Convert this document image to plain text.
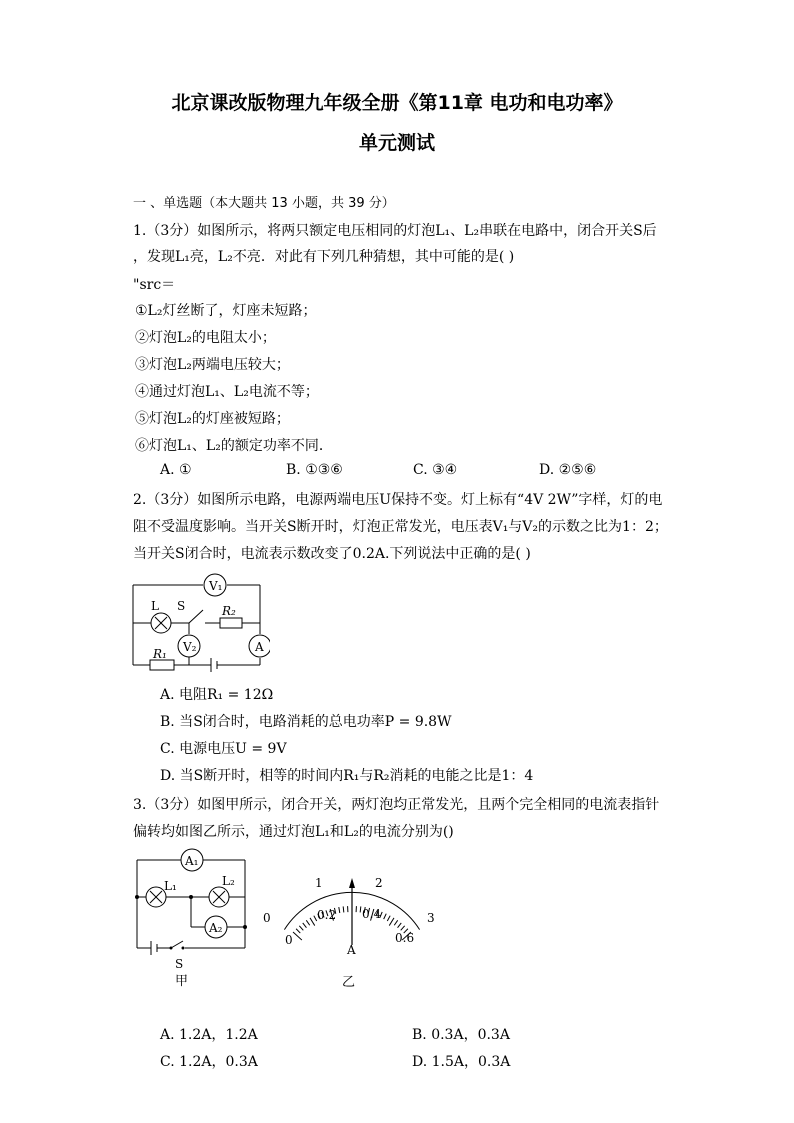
北京课改版物理九年级全册《第11章 电功和电功率》
单元测试
一 、单选题（本大题共 13 小题，共 39 分）
1.（3分）如图所示，将两只额定电压相同的灯泡L₁、L₂串联在电路中，闭合开关S后
，发现L₁亮，L₂不亮．对此有下列几种猜想，其中可能的是( )
"src＝
①L₂灯丝断了，灯座未短路；
②灯泡L₂的电阻太小；
③灯泡L₂两端电压较大；
④通过灯泡L₁、L₂电流不等；
⑤灯泡L₂的灯座被短路；
⑥灯泡L₁、L₂的额定功率不同．
A. ①	B. ①③⑥	C. ③④	D. ②⑤⑥
2.（3分）如图所示电路，电源两端电压U保持不变。灯上标有“4V 2W”字样，灯的电
阻不受温度影响。当开关S断开时，灯泡正常发光，电压表V₁与V₂的示数之比为1：2；
当开关S闭合时，电流表示数改变了0.2A.下列说法中正确的是( )
V₁
L S	R₂
V₂	A
R₁
A. 电阻R₁ = 12Ω
B. 当S闭合时，电路消耗的总电功率P = 9.8W
C. 电源电压U = 9V
D. 当S断开时，相等的时间内R₁与R₂消耗的电能之比是1：4
3.（3分）如图甲所示，闭合开关，两灯泡均正常发光，且两个完全相同的电流表指针
偏转均如图乙所示，通过灯泡L₁和L₂的电流分别为()
A₁
L₁	L₂
A₂
S
甲
0
1	2
3
0
0.2 0.4
0.6
A
乙
A. 1.2A，1.2A	B. 0.3A，0.3A
C. 1.2A，0.3A	D. 1.5A，0.3A
